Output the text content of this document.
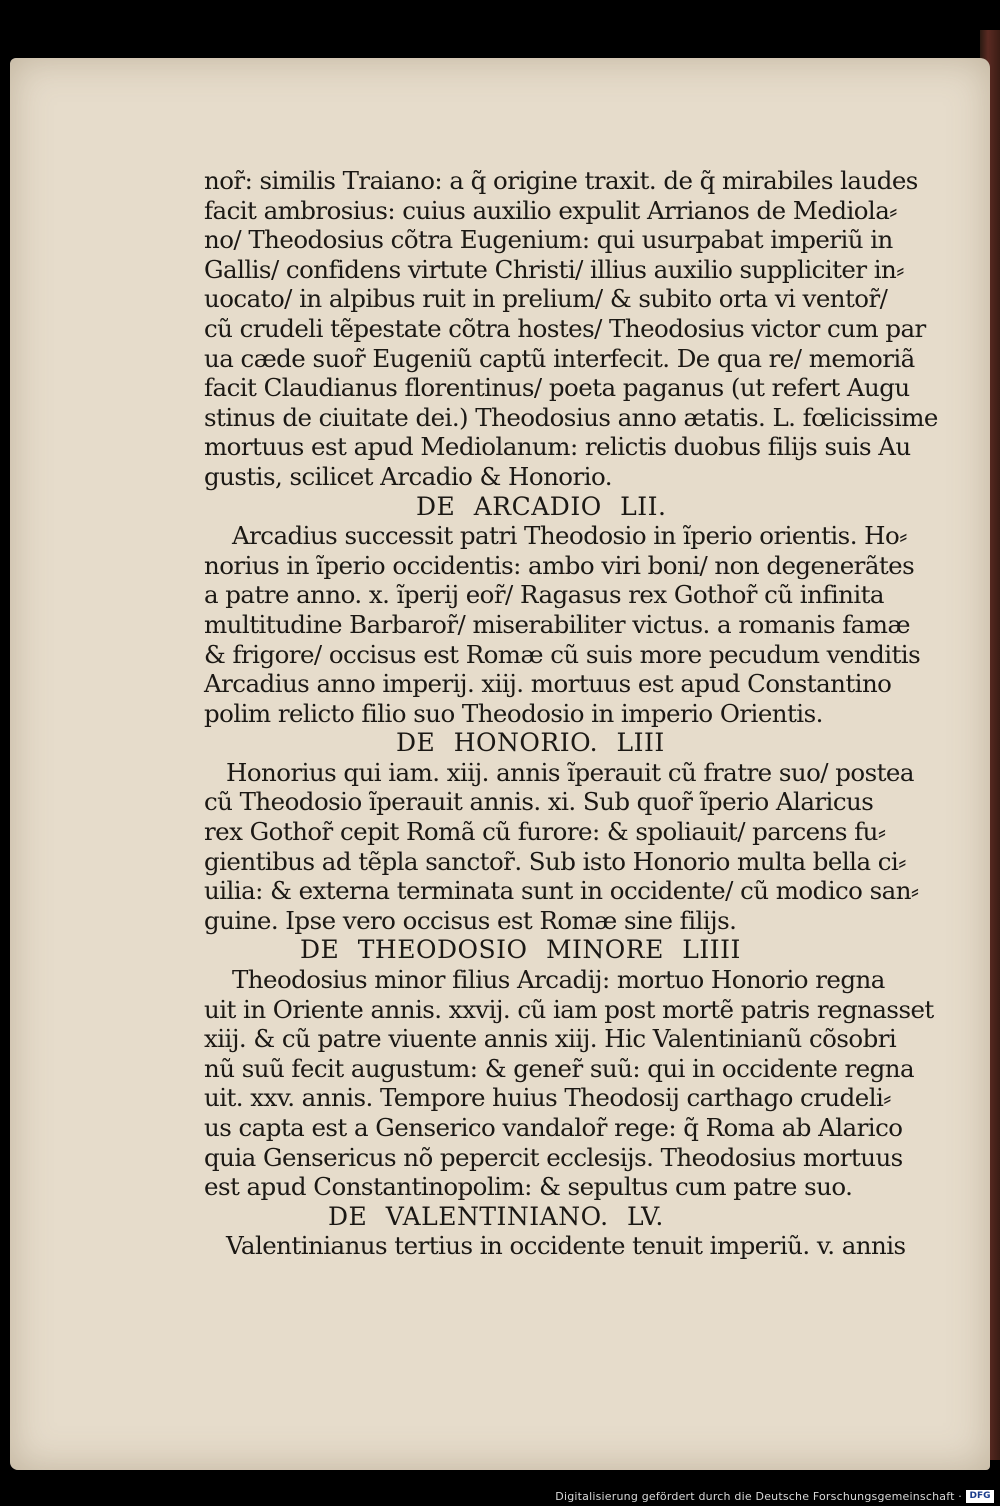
nor̃: similis Traiano: a q̃ origine traxit. de q̃ mirabiles laudes
facit ambrosius: cuius auxilio expulit Arrianos de Mediola⸗
no/ Theodosius cõtra Eugenium: qui usurpabat imperiũ in
Gallis/ confidens virtute Christi/ illius auxilio suppliciter in⸗
uocato/ in alpibus ruit in prelium/ & subito orta vi ventor̃/
cũ crudeli tẽpestate cõtra hostes/ Theodosius victor cum par
ua cæde suor̃ Eugeniũ captũ interfecit. De qua re/ memoriã
facit Claudianus florentinus/ poeta paganus (ut refert Augu
stinus de ciuitate dei.) Theodosius anno ætatis. L. fœlicissime
mortuus est apud Mediolanum: relictis duobus filijs suis Au
gustis, scilicet Arcadio & Honorio.
DE ARCADIO LII.
Arcadius successit patri Theodosio in ĩperio orientis. Ho⸗
norius in ĩperio occidentis: ambo viri boni/ non degenerãtes
a patre anno. x. ĩperij eor̃/ Ragasus rex Gothor̃ cũ infinita
multitudine Barbaror̃/ miserabiliter victus. a romanis famæ
& frigore/ occisus est Romæ cũ suis more pecudum venditis
Arcadius anno imperij. xiij. mortuus est apud Constantino
polim relicto filio suo Theodosio in imperio Orientis.
DE HONORIO. LIII
Honorius qui iam. xiij. annis ĩperauit cũ fratre suo/ postea
cũ Theodosio ĩperauit annis. xi. Sub quor̃ ĩperio Alaricus
rex Gothor̃ cepit Romã cũ furore: & spoliauit/ parcens fu⸗
gientibus ad tẽpla sanctor̃. Sub isto Honorio multa bella ci⸗
uilia: & externa terminata sunt in occidente/ cũ modico san⸗
guine. Ipse vero occisus est Romæ sine filijs.
DE THEODOSIO MINORE LIIII
Theodosius minor filius Arcadij: mortuo Honorio regna
uit in Oriente annis. xxvij. cũ iam post mortẽ patris regnasset
xiij. & cũ patre viuente annis xiij. Hic Valentinianũ cõsobri
nũ suũ fecit augustum: & gener̃ suũ: qui in occidente regna
uit. xxv. annis. Tempore huius Theodosij carthago crudeli⸗
us capta est a Genserico vandalor̃ rege: q̃ Roma ab Alarico
quia Gensericus nõ pepercit ecclesijs. Theodosius mortuus
est apud Constantinopolim: & sepultus cum patre suo.
DE VALENTINIANO. LV.
Valentinianus tertius in occidente tenuit imperiũ. v. annis
Digitalisierung gefördert durch die Deutsche Forschungsgemeinschaft · DFG
